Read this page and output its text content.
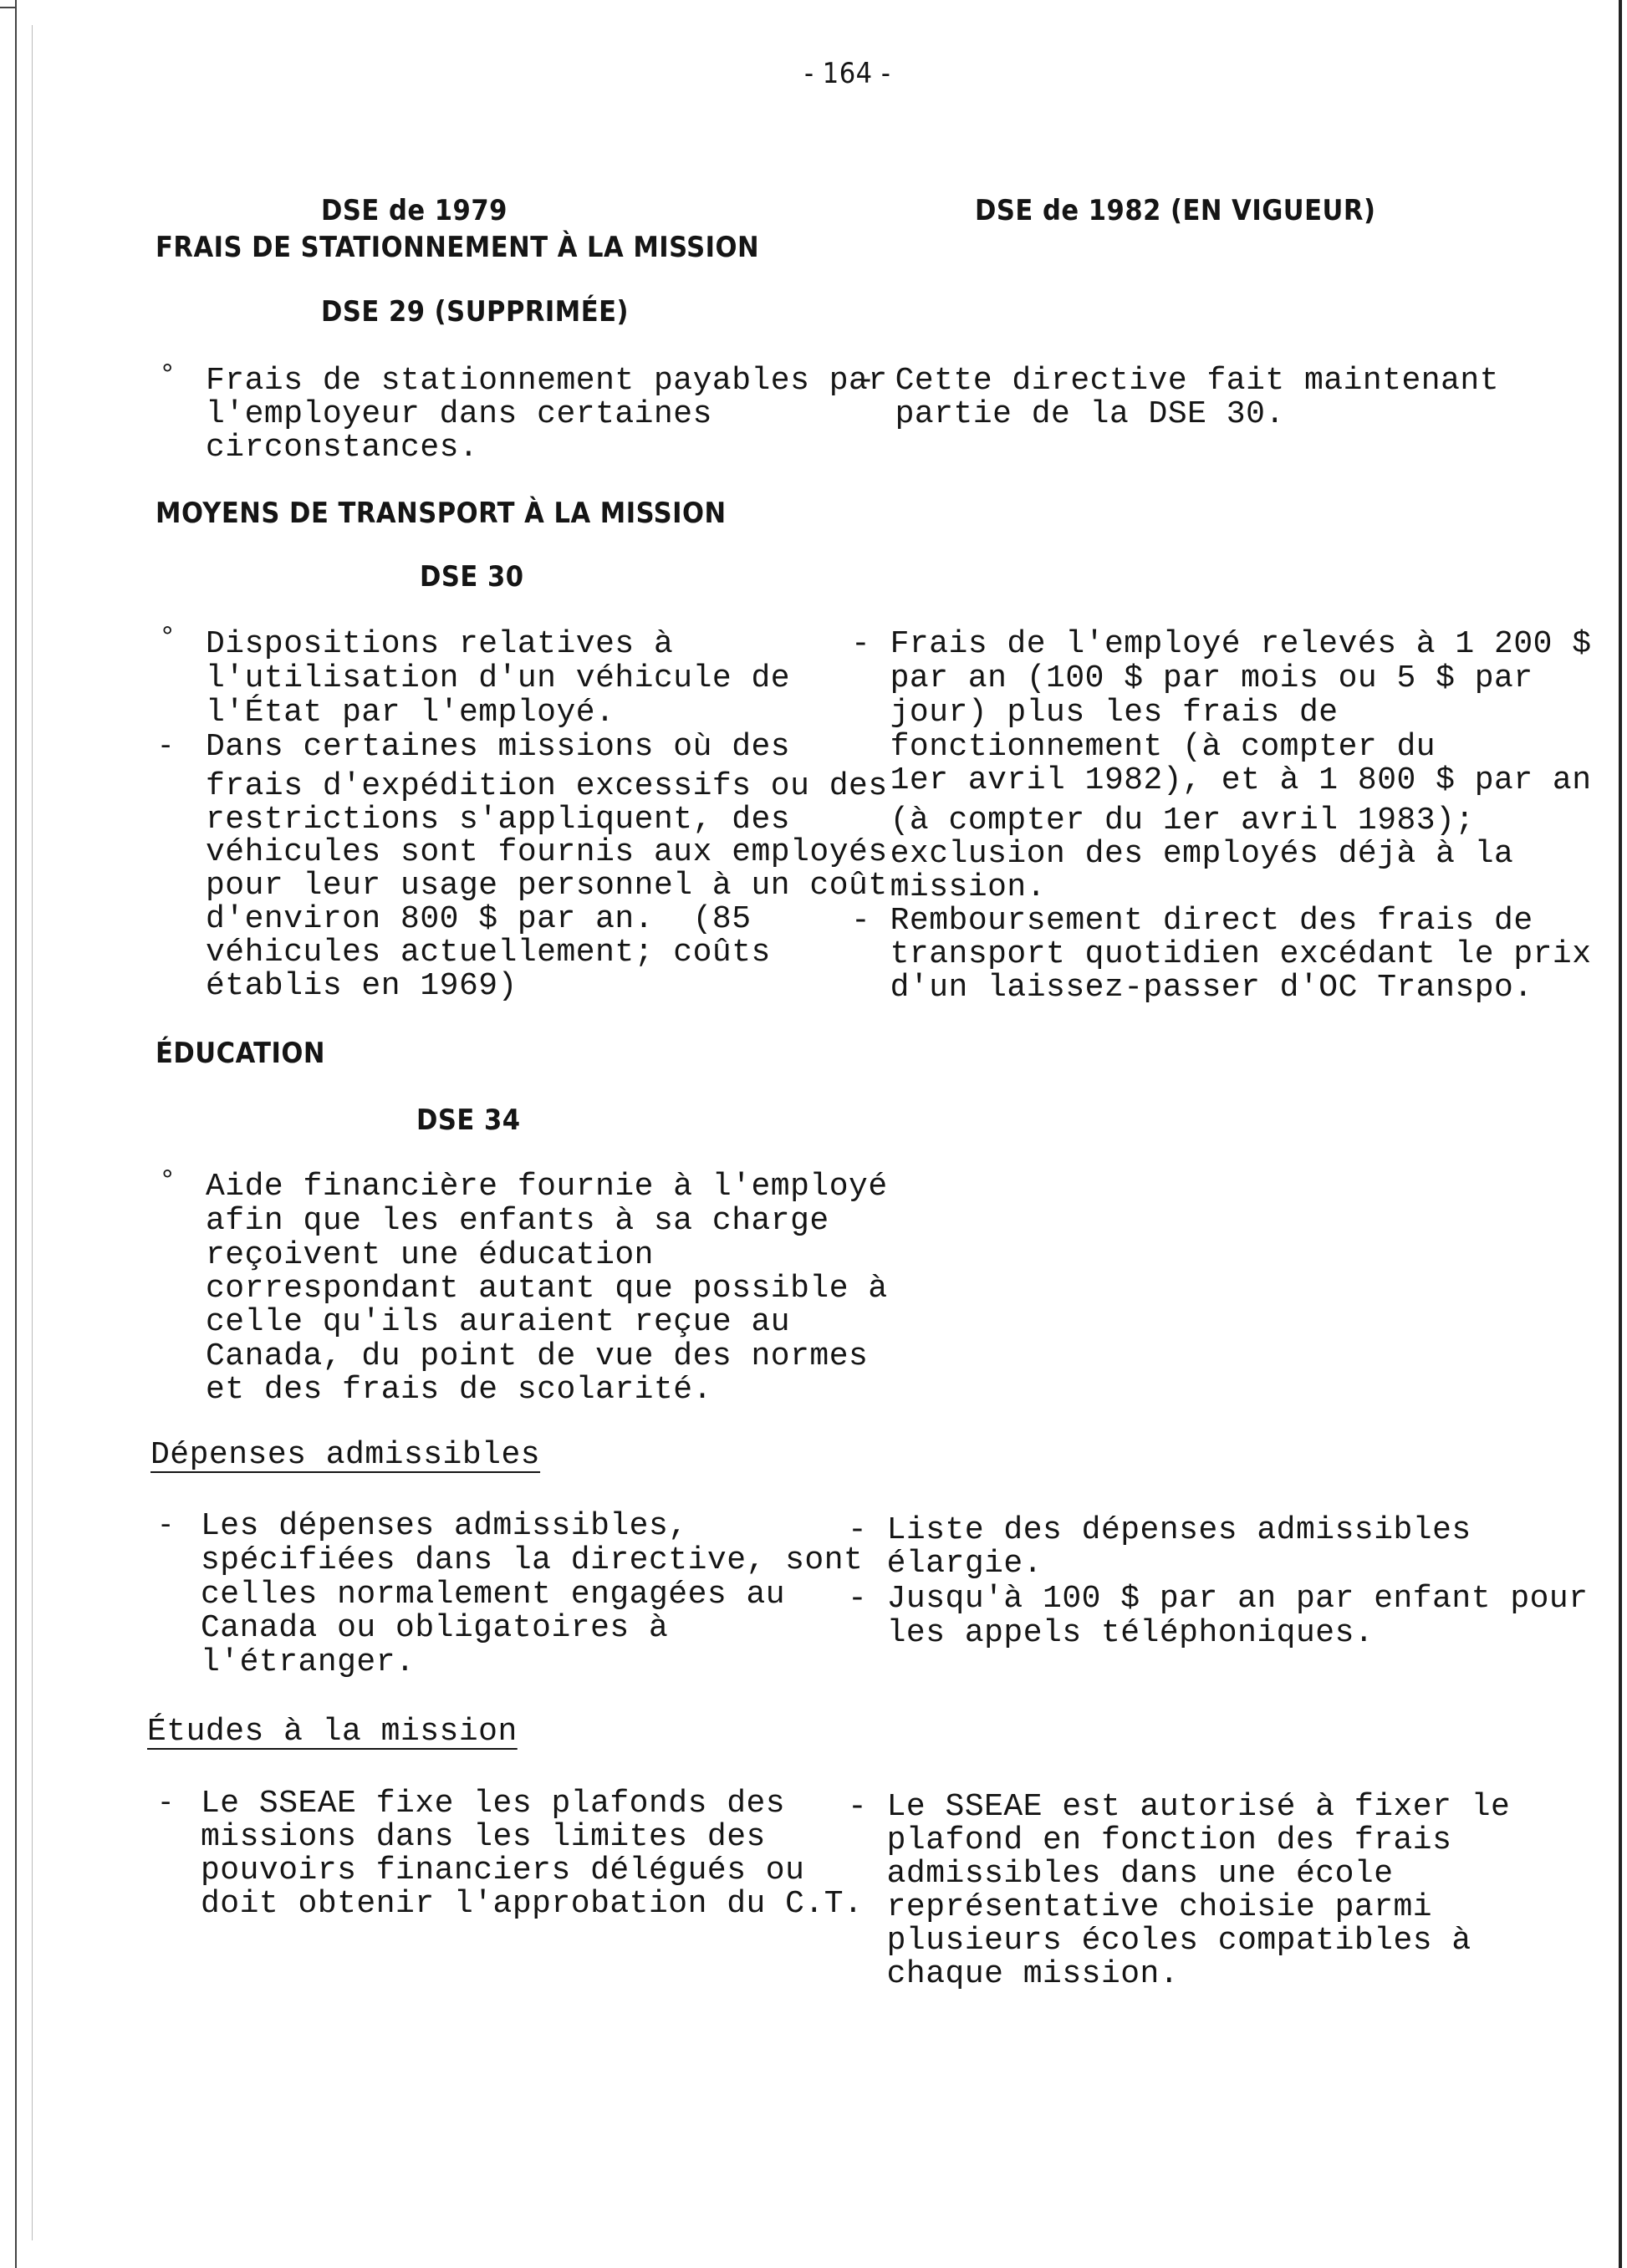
- 164 -
DSE de 1979	DSE de 1982 (EN VIGUEUR)
FRAIS DE STATIONNEMENT À LA MISSION
DSE 29 (SUPPRIMÉE)
° Frais de stationnement payables par
l'employeur dans certaines
circonstances.
- Cette directive fait maintenant
partie de la DSE 30.
MOYENS DE TRANSPORT À LA MISSION
DSE 30
° Dispositions relatives à
l'utilisation d'un véhicule de
l'État par l'employé.
- Dans certaines missions où des
frais d'expédition excessifs ou des
restrictions s'appliquent, des
véhicules sont fournis aux employés
pour leur usage personnel à un coût
d'environ 800 $ par an.  (85
véhicules actuellement; coûts
établis en 1969)
- Frais de l'employé relevés à 1 200 $
par an (100 $ par mois ou 5 $ par
jour) plus les frais de
fonctionnement (à compter du
1er avril 1982), et à 1 800 $ par an
(à compter du 1er avril 1983);
exclusion des employés déjà à la
mission.
- Remboursement direct des frais de
transport quotidien excédant le prix
d'un laissez-passer d'OC Transpo.
ÉDUCATION
DSE 34
° Aide financière fournie à l'employé
afin que les enfants à sa charge
reçoivent une éducation
correspondant autant que possible à
celle qu'ils auraient reçue au
Canada, du point de vue des normes
et des frais de scolarité.
Dépenses admissibles
- Les dépenses admissibles,
spécifiées dans la directive, sont
celles normalement engagées au
Canada ou obligatoires à
l'étranger.
- Liste des dépenses admissibles
élargie.
- Jusqu'à 100 $ par an par enfant pour
les appels téléphoniques.
Études à la mission
- Le SSEAE fixe les plafonds des
missions dans les limites des
pouvoirs financiers délégués ou
doit obtenir l'approbation du C.T.
- Le SSEAE est autorisé à fixer le
plafond en fonction des frais
admissibles dans une école
représentative choisie parmi
plusieurs écoles compatibles à
chaque mission.
